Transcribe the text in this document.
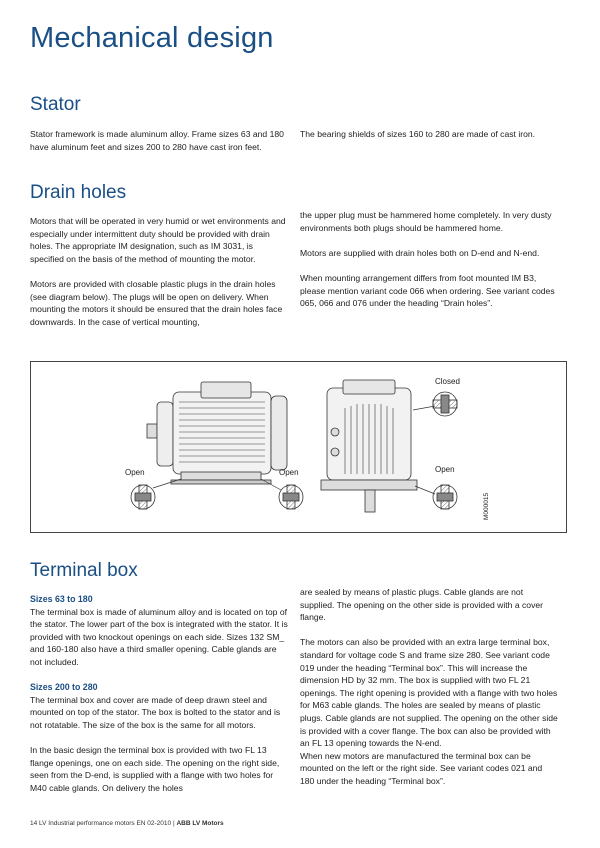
Mechanical design
Stator

Stator framework is made aluminum alloy. Frame sizes 63 and 180 have aluminum feet and sizes 200 to 280 have cast iron feet.

The bearing shields of sizes 160 to 280 are made of cast iron.

Drain holes

Motors that will be operated in very humid or wet environments and especially under intermittent duty should be provided with drain holes. The appropriate IM designation, such as IM 3031, is specified on the basis of the method of mounting the motor.

Motors are provided with closable plastic plugs in the drain holes (see diagram below). The plugs will be open on delivery. When mounting the motors it should be ensured that the drain holes face downwards. In the case of vertical mounting,

the upper plug must be hammered home completely. In very dusty environments both plugs should be hammered home.

Motors are supplied with drain holes both on D-end and N-end.

When mounting arrangement differs from foot mounted IM B3, please mention variant code 066 when ordering. See variant codes 065, 066 and 076 under the heading “Drain holes”.

Open	Open	Open
Closed
M000015
Terminal box
Sizes 63 to 180

The terminal box is made of aluminum alloy and is located on top of the stator. The lower part of the box is integrated with the stator. It is provided with two knockout openings on each side. Sizes 132 SM_ and 160-180 also have a third smaller opening. Cable glands are not included.

Sizes 200 to 280

The terminal box and cover are made of deep drawn steel and mounted on top of the stator. The box is bolted to the stator and is not rotatable. The size of the box is the same for all motors.

In the basic design the terminal box is provided with two FL 13 flange openings, one on each side. The opening on the right side, seen from the D-end, is supplied with a flange with two holes for M40 cable glands. On delivery the holes

are sealed by means of plastic plugs. Cable glands are not supplied. The opening on the other side is provided with a cover flange.

The motors can also be provided with an extra large terminal box, standard for voltage code S and frame size 280. See variant code 019 under the heading “Terminal box”. This will increase the dimension HD by 32 mm. The box is supplied with two FL 21 openings. The right opening is provided with a flange with two holes for M63 cable glands. The holes are sealed by means of plastic plugs. Cable glands are not supplied. The opening on the other side is provided with a cover flange. The box can also be provided with an FL 13 opening towards the N-end.

When new motors are manufactured the terminal box can be mounted on the left or the right side. See variant codes 021 and 180 under the heading “Terminal box”.

14 LV Industrial performance motors EN 02-2010 | ABB LV Motors
